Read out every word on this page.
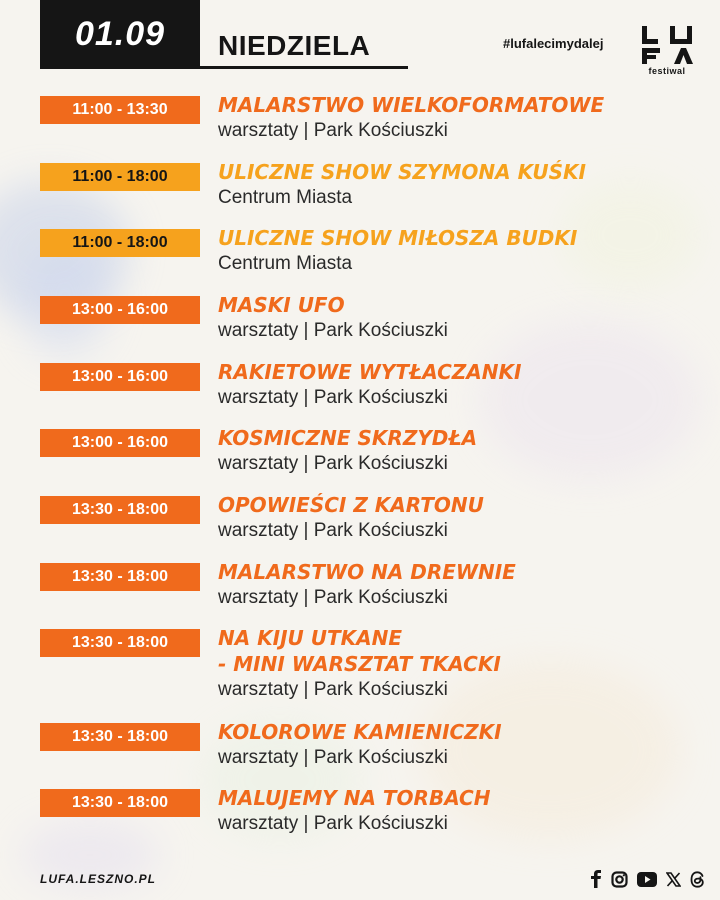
01.09	NIEDZIELA	#lufalecimydalej
festiwal
11:00 - 13:30	MALARSTWO WIELKOFORMATOWE
warsztaty | Park Kościuszki
11:00 - 18:00	ULICZNE SHOW SZYMONA KUŚKI
Centrum Miasta
11:00 - 18:00	ULICZNE SHOW MIŁOSZA BUDKI
Centrum Miasta
13:00 - 16:00	MASKI UFO
warsztaty | Park Kościuszki
13:00 - 16:00	RAKIETOWE WYTŁACZANKI
warsztaty | Park Kościuszki
13:00 - 16:00	KOSMICZNE SKRZYDŁA
warsztaty | Park Kościuszki
13:30 - 18:00	OPOWIEŚCI Z KARTONU
warsztaty | Park Kościuszki
13:30 - 18:00	MALARSTWO NA DREWNIE
warsztaty | Park Kościuszki
13:30 - 18:00	NA KIJU UTKANE
- MINI WARSZTAT TKACKI
warsztaty | Park Kościuszki
13:30 - 18:00	KOLOROWE KAMIENICZKI
warsztaty | Park Kościuszki
13:30 - 18:00	MALUJEMY NA TORBACH
warsztaty | Park Kościuszki
LUFA.LESZNO.PL
